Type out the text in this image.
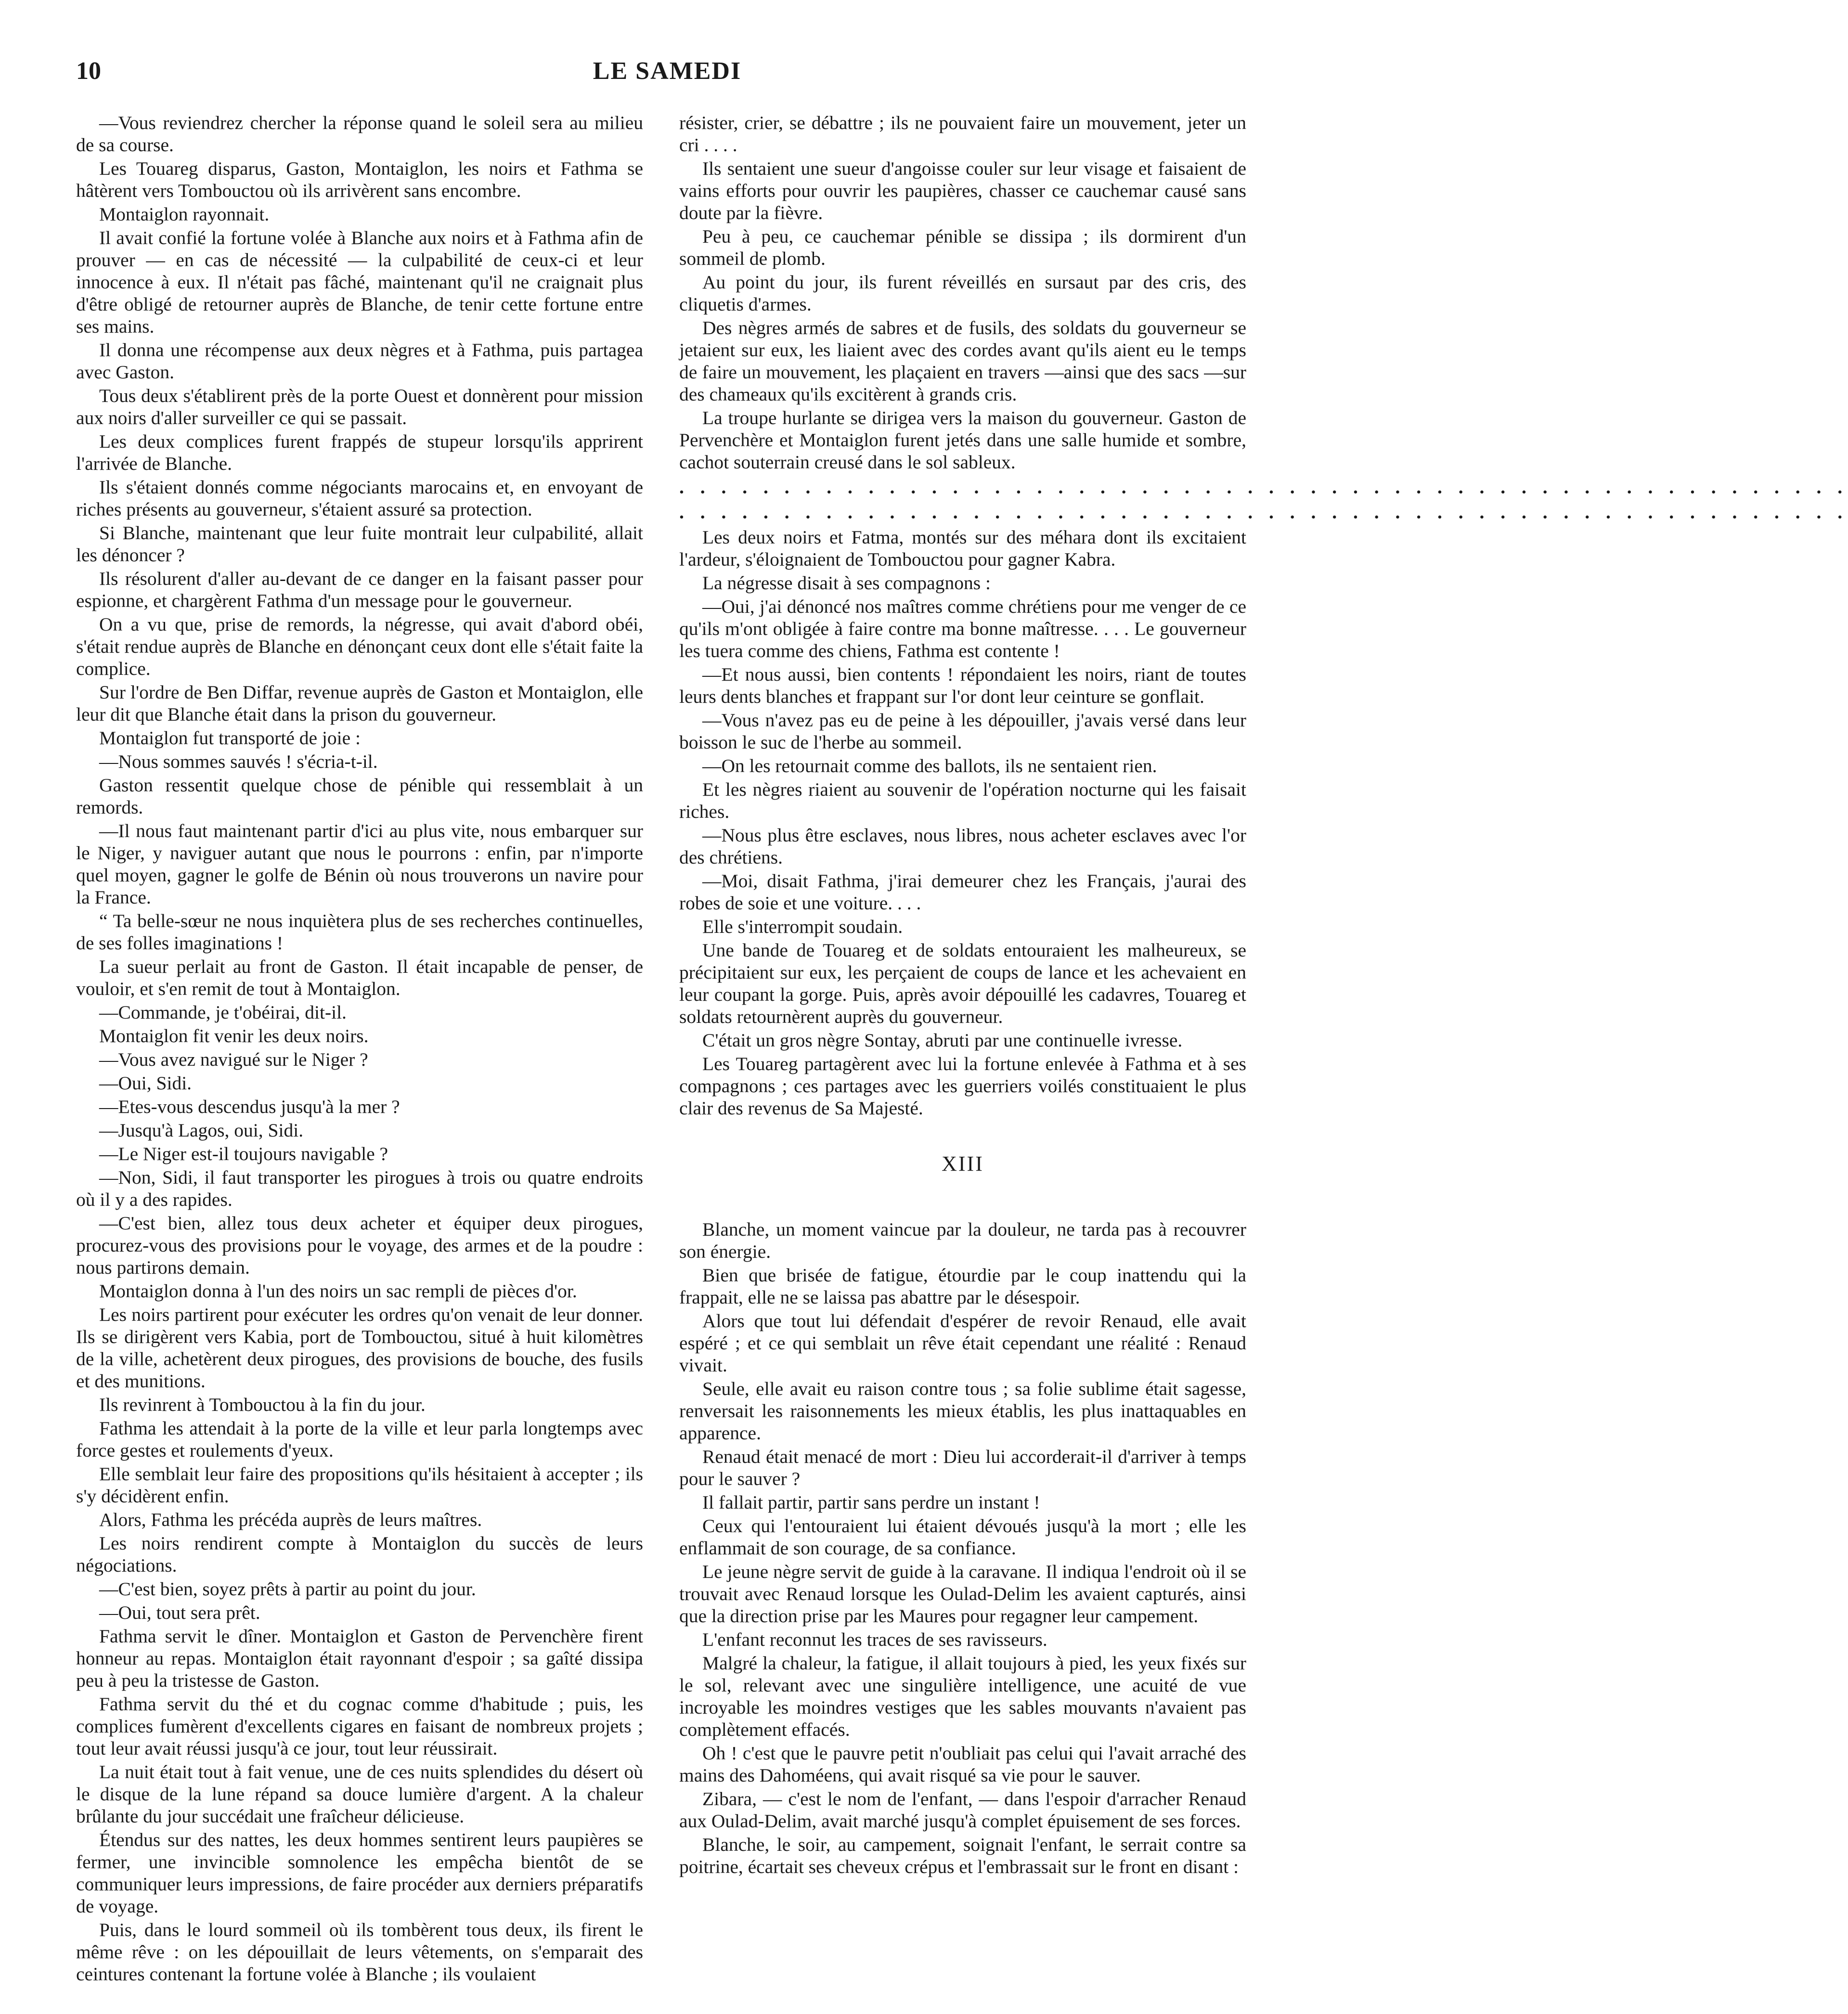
LE SAMEDI
10

—Vous reviendrez chercher la réponse quand le soleil sera au milieu de sa course.

Les Touareg disparus, Gaston, Montaiglon, les noirs et Fathma se hâtèrent vers Tombouctou où ils arrivèrent sans encombre.

Montaiglon rayonnait.

Il avait confié la fortune volée à Blanche aux noirs et à Fathma afin de prouver — en cas de nécessité — la culpabilité de ceux-ci et leur innocence à eux. Il n'était pas fâché, maintenant qu'il ne craignait plus d'être obligé de retourner auprès de Blanche, de tenir cette fortune entre ses mains.

Il donna une récompense aux deux nègres et à Fathma, puis partagea avec Gaston.

Tous deux s'établirent près de la porte Ouest et donnèrent pour mission aux noirs d'aller surveiller ce qui se passait.

Les deux complices furent frappés de stupeur lorsqu'ils apprirent l'arrivée de Blanche.

Ils s'étaient donnés comme négociants marocains et, en envoyant de riches présents au gouverneur, s'étaient assuré sa protection.

Si Blanche, maintenant que leur fuite montrait leur culpabilité, allait les dénoncer ?

Ils résolurent d'aller au-devant de ce danger en la faisant passer pour espionne, et chargèrent Fathma d'un message pour le gouverneur.

On a vu que, prise de remords, la négresse, qui avait d'abord obéi, s'était rendue auprès de Blanche en dénonçant ceux dont elle s'était faite la complice.

Sur l'ordre de Ben Diffar, revenue auprès de Gaston et Montaiglon, elle leur dit que Blanche était dans la prison du gouverneur.

Montaiglon fut transporté de joie :

—Nous sommes sauvés ! s'écria-t-il.

Gaston ressentit quelque chose de pénible qui ressemblait à un remords.

—Il nous faut maintenant partir d'ici au plus vite, nous embarquer sur le Niger, y naviguer autant que nous le pourrons : enfin, par n'importe quel moyen, gagner le golfe de Bénin où nous trouverons un navire pour la France.

“ Ta belle-sœur ne nous inquiètera plus de ses recherches continuelles, de ses folles imaginations !

La sueur perlait au front de Gaston. Il était incapable de penser, de vouloir, et s'en remit de tout à Montaiglon.

—Commande, je t'obéirai, dit-il.

Montaiglon fit venir les deux noirs.

—Vous avez navigué sur le Niger ?

—Oui, Sidi.

—Etes-vous descendus jusqu'à la mer ?

—Jusqu'à Lagos, oui, Sidi.

—Le Niger est-il toujours navigable ?

—Non, Sidi, il faut transporter les pirogues à trois ou quatre endroits où il y a des rapides.

—C'est bien, allez tous deux acheter et équiper deux pirogues, procurez-vous des provisions pour le voyage, des armes et de la poudre : nous partirons demain.

Montaiglon donna à l'un des noirs un sac rempli de pièces d'or.

Les noirs partirent pour exécuter les ordres qu'on venait de leur donner. Ils se dirigèrent vers Kabia, port de Tombouctou, situé à huit kilomètres de la ville, achetèrent deux pirogues, des provisions de bouche, des fusils et des munitions.

Ils revinrent à Tombouctou à la fin du jour.

Fathma les attendait à la porte de la ville et leur parla longtemps avec force gestes et roulements d'yeux.

Elle semblait leur faire des propositions qu'ils hésitaient à accepter ; ils s'y décidèrent enfin.

Alors, Fathma les précéda auprès de leurs maîtres.

Les noirs rendirent compte à Montaiglon du succès de leurs négociations.

—C'est bien, soyez prêts à partir au point du jour.

—Oui, tout sera prêt.

Fathma servit le dîner. Montaiglon et Gaston de Pervenchère firent honneur au repas. Montaiglon était rayonnant d'espoir ; sa gaîté dissipa peu à peu la tristesse de Gaston.

Fathma servit du thé et du cognac comme d'habitude ; puis, les complices fumèrent d'excellents cigares en faisant de nombreux projets ; tout leur avait réussi jusqu'à ce jour, tout leur réussirait.

La nuit était tout à fait venue, une de ces nuits splendides du désert où le disque de la lune répand sa douce lumière d'argent. A la chaleur brûlante du jour succédait une fraîcheur délicieuse.

Étendus sur des nattes, les deux hommes sentirent leurs paupières se fermer, une invincible somnolence les empêcha bientôt de se communiquer leurs impressions, de faire procéder aux derniers préparatifs de voyage.

Puis, dans le lourd sommeil où ils tombèrent tous deux, ils firent le même rêve : on les dépouillait de leurs vêtements, on s'emparait des ceintures contenant la fortune volée à Blanche ; ils voulaient

résister, crier, se débattre ; ils ne pouvaient faire un mouvement, jeter un cri . . . .

Ils sentaient une sueur d'angoisse couler sur leur visage et faisaient de vains efforts pour ouvrir les paupières, chasser ce cauchemar causé sans doute par la fièvre.

Peu à peu, ce cauchemar pénible se dissipa ; ils dormirent d'un sommeil de plomb.

Au point du jour, ils furent réveillés en sursaut par des cris, des cliquetis d'armes.

Des nègres armés de sabres et de fusils, des soldats du gouverneur se jetaient sur eux, les liaient avec des cordes avant qu'ils aient eu le temps de faire un mouvement, les plaçaient en travers —ainsi que des sacs —sur des chameaux qu'ils excitèrent à grands cris.

La troupe hurlante se dirigea vers la maison du gouverneur. Gaston de Pervenchère et Montaiglon furent jetés dans une salle humide et sombre, cachot souterrain creusé dans le sol sableux.

. . . . . . . . . . . . . . . . . . . . . . . . . . . . . . . . . . . . . . . . . . . . . . . . . . . . . . . .
. . . . . . . . . . . . . . . . . . . . . . . . . . . . . . . . . . . . . . . . . . . . . . . . . . . . . . . .

Les deux noirs et Fatma, montés sur des méhara dont ils excitaient l'ardeur, s'éloignaient de Tombouctou pour gagner Kabra.

La négresse disait à ses compagnons :

—Oui, j'ai dénoncé nos maîtres comme chrétiens pour me venger de ce qu'ils m'ont obligée à faire contre ma bonne maîtresse. . . . Le gouverneur les tuera comme des chiens, Fathma est contente !

—Et nous aussi, bien contents ! répondaient les noirs, riant de toutes leurs dents blanches et frappant sur l'or dont leur ceinture se gonflait.

—Vous n'avez pas eu de peine à les dépouiller, j'avais versé dans leur boisson le suc de l'herbe au sommeil.

—On les retournait comme des ballots, ils ne sentaient rien.

Et les nègres riaient au souvenir de l'opération nocturne qui les faisait riches.

—Nous plus être esclaves, nous libres, nous acheter esclaves avec l'or des chrétiens.

—Moi, disait Fathma, j'irai demeurer chez les Français, j'aurai des robes de soie et une voiture. . . .

Elle s'interrompit soudain.

Une bande de Touareg et de soldats entouraient les malheureux, se précipitaient sur eux, les perçaient de coups de lance et les achevaient en leur coupant la gorge. Puis, après avoir dépouillé les cadavres, Touareg et soldats retournèrent auprès du gouverneur.

C'était un gros nègre Sontay, abruti par une continuelle ivresse.

Les Touareg partagèrent avec lui la fortune enlevée à Fathma et à ses compagnons ; ces partages avec les guerriers voilés constituaient le plus clair des revenus de Sa Majesté.

XIII

Blanche, un moment vaincue par la douleur, ne tarda pas à recouvrer son énergie.

Bien que brisée de fatigue, étourdie par le coup inattendu qui la frappait, elle ne se laissa pas abattre par le désespoir.

Alors que tout lui défendait d'espérer de revoir Renaud, elle avait espéré ; et ce qui semblait un rêve était cependant une réalité : Renaud vivait.

Seule, elle avait eu raison contre tous ; sa folie sublime était sagesse, renversait les raisonnements les mieux établis, les plus inattaquables en apparence.

Renaud était menacé de mort : Dieu lui accorderait-il d'arriver à temps pour le sauver ?

Il fallait partir, partir sans perdre un instant !

Ceux qui l'entouraient lui étaient dévoués jusqu'à la mort ; elle les enflammait de son courage, de sa confiance.

Le jeune nègre servit de guide à la caravane. Il indiqua l'endroit où il se trouvait avec Renaud lorsque les Oulad-Delim les avaient capturés, ainsi que la direction prise par les Maures pour regagner leur campement.

L'enfant reconnut les traces de ses ravisseurs.

Malgré la chaleur, la fatigue, il allait toujours à pied, les yeux fixés sur le sol, relevant avec une singulière intelligence, une acuité de vue incroyable les moindres vestiges que les sables mouvants n'avaient pas complètement effacés.

Oh ! c'est que le pauvre petit n'oubliait pas celui qui l'avait arraché des mains des Dahoméens, qui avait risqué sa vie pour le sauver.

Zibara, — c'est le nom de l'enfant, — dans l'espoir d'arracher Renaud aux Oulad-Delim, avait marché jusqu'à complet épuisement de ses forces.

Blanche, le soir, au campement, soignait l'enfant, le serrait contre sa poitrine, écartait ses cheveux crépus et l'embrassait sur le front en disant :
